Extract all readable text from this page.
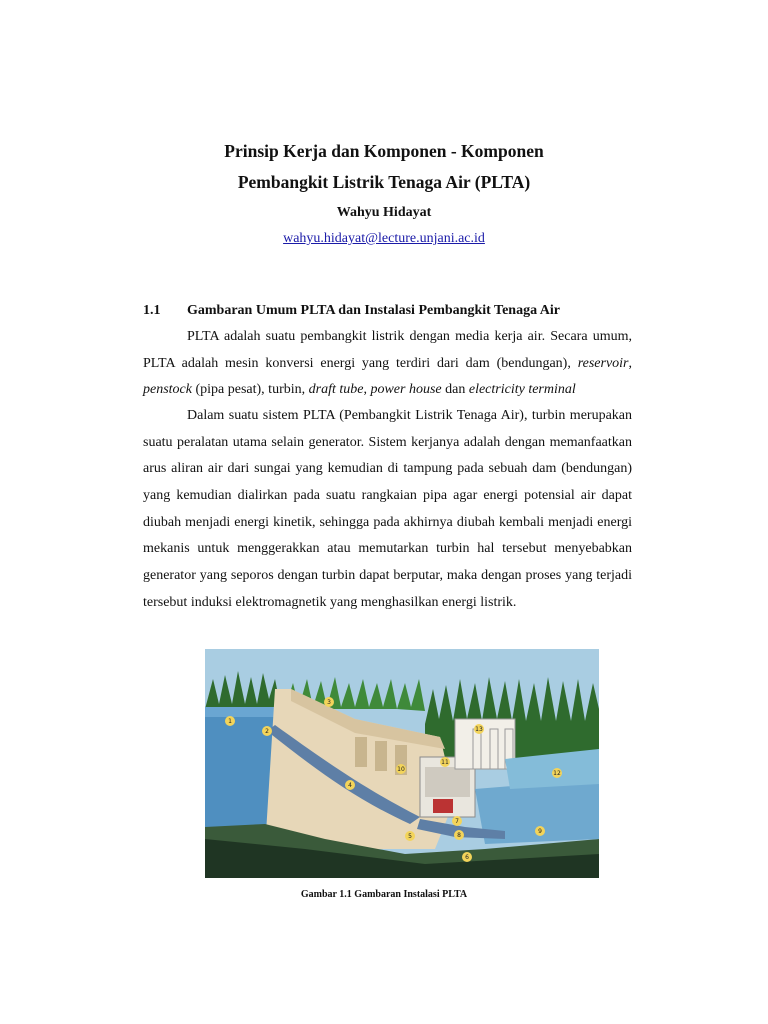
Prinsip Kerja dan Komponen - Komponen
Pembangkit Listrik Tenaga Air (PLTA)
Wahyu Hidayat
wahyu.hidayat@lecture.unjani.ac.id
1.1 Gambaran Umum PLTA dan Instalasi Pembangkit Tenaga Air
PLTA adalah suatu pembangkit listrik dengan media kerja air. Secara umum,
PLTA adalah mesin konversi energi yang terdiri dari dam (bendungan), reservoir,
penstock (pipa pesat), turbin, draft tube, power house dan electricity terminal
Dalam suatu sistem PLTA (Pembangkit Listrik Tenaga Air), turbin merupakan
suatu peralatan utama selain generator. Sistem kerjanya adalah dengan memanfaatkan
arus aliran air dari sungai yang kemudian di tampung pada sebuah dam (bendungan)
yang kemudian dialirkan pada suatu rangkaian pipa agar energi potensial air dapat
diubah menjadi energi kinetik, sehingga pada akhirnya diubah kembali menjadi energi
mekanis untuk menggerakkan atau memutarkan turbin hal tersebut menyebabkan
generator yang seporos dengan turbin dapat berputar, maka dengan proses yang terjadi
tersebut induksi elektromagnetik yang menghasilkan energi listrik.
1
2
3
4
5
6
7
8
9
10
11
12
13
Gambar 1.1 Gambaran Instalasi PLTA
